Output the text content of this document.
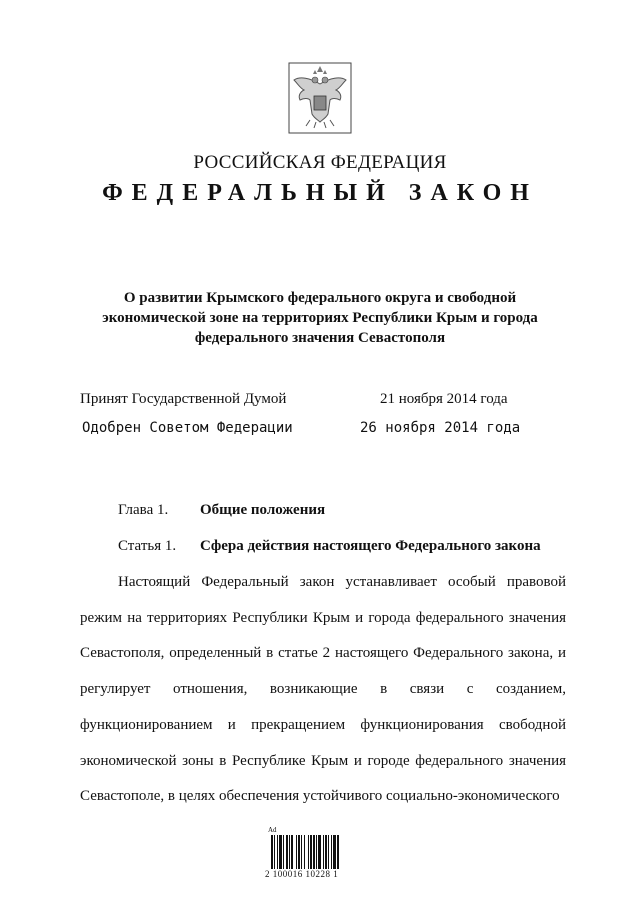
РОССИЙСКАЯ ФЕДЕРАЦИЯ
ФЕДЕРАЛЬНЫЙ ЗАКОН
О развитии Крымского федерального округа и свободной экономической зоне на территориях Республики Крым и города федерального значения Севастополя
Принят Государственной Думой	21 ноября 2014 года
Одобрен Советом Федерации	26 ноября 2014 года
Глава 1. Общие положения
Статья 1. Сфера действия настоящего Федерального закона

Настоящий Федеральный закон устанавливает особый правовой режим на территориях Республики Крым и города федерального значения Севастополя, определенный в статье 2 настоящего Федерального закона, и регулирует отношения, возникающие в связи с созданием, функционированием и прекращением функционирования свободной экономической зоны в Республике Крым и городе федерального значения Севастополе, в целях обеспечения устойчивого социально-экономического

Ad
2 100016 10228 1
